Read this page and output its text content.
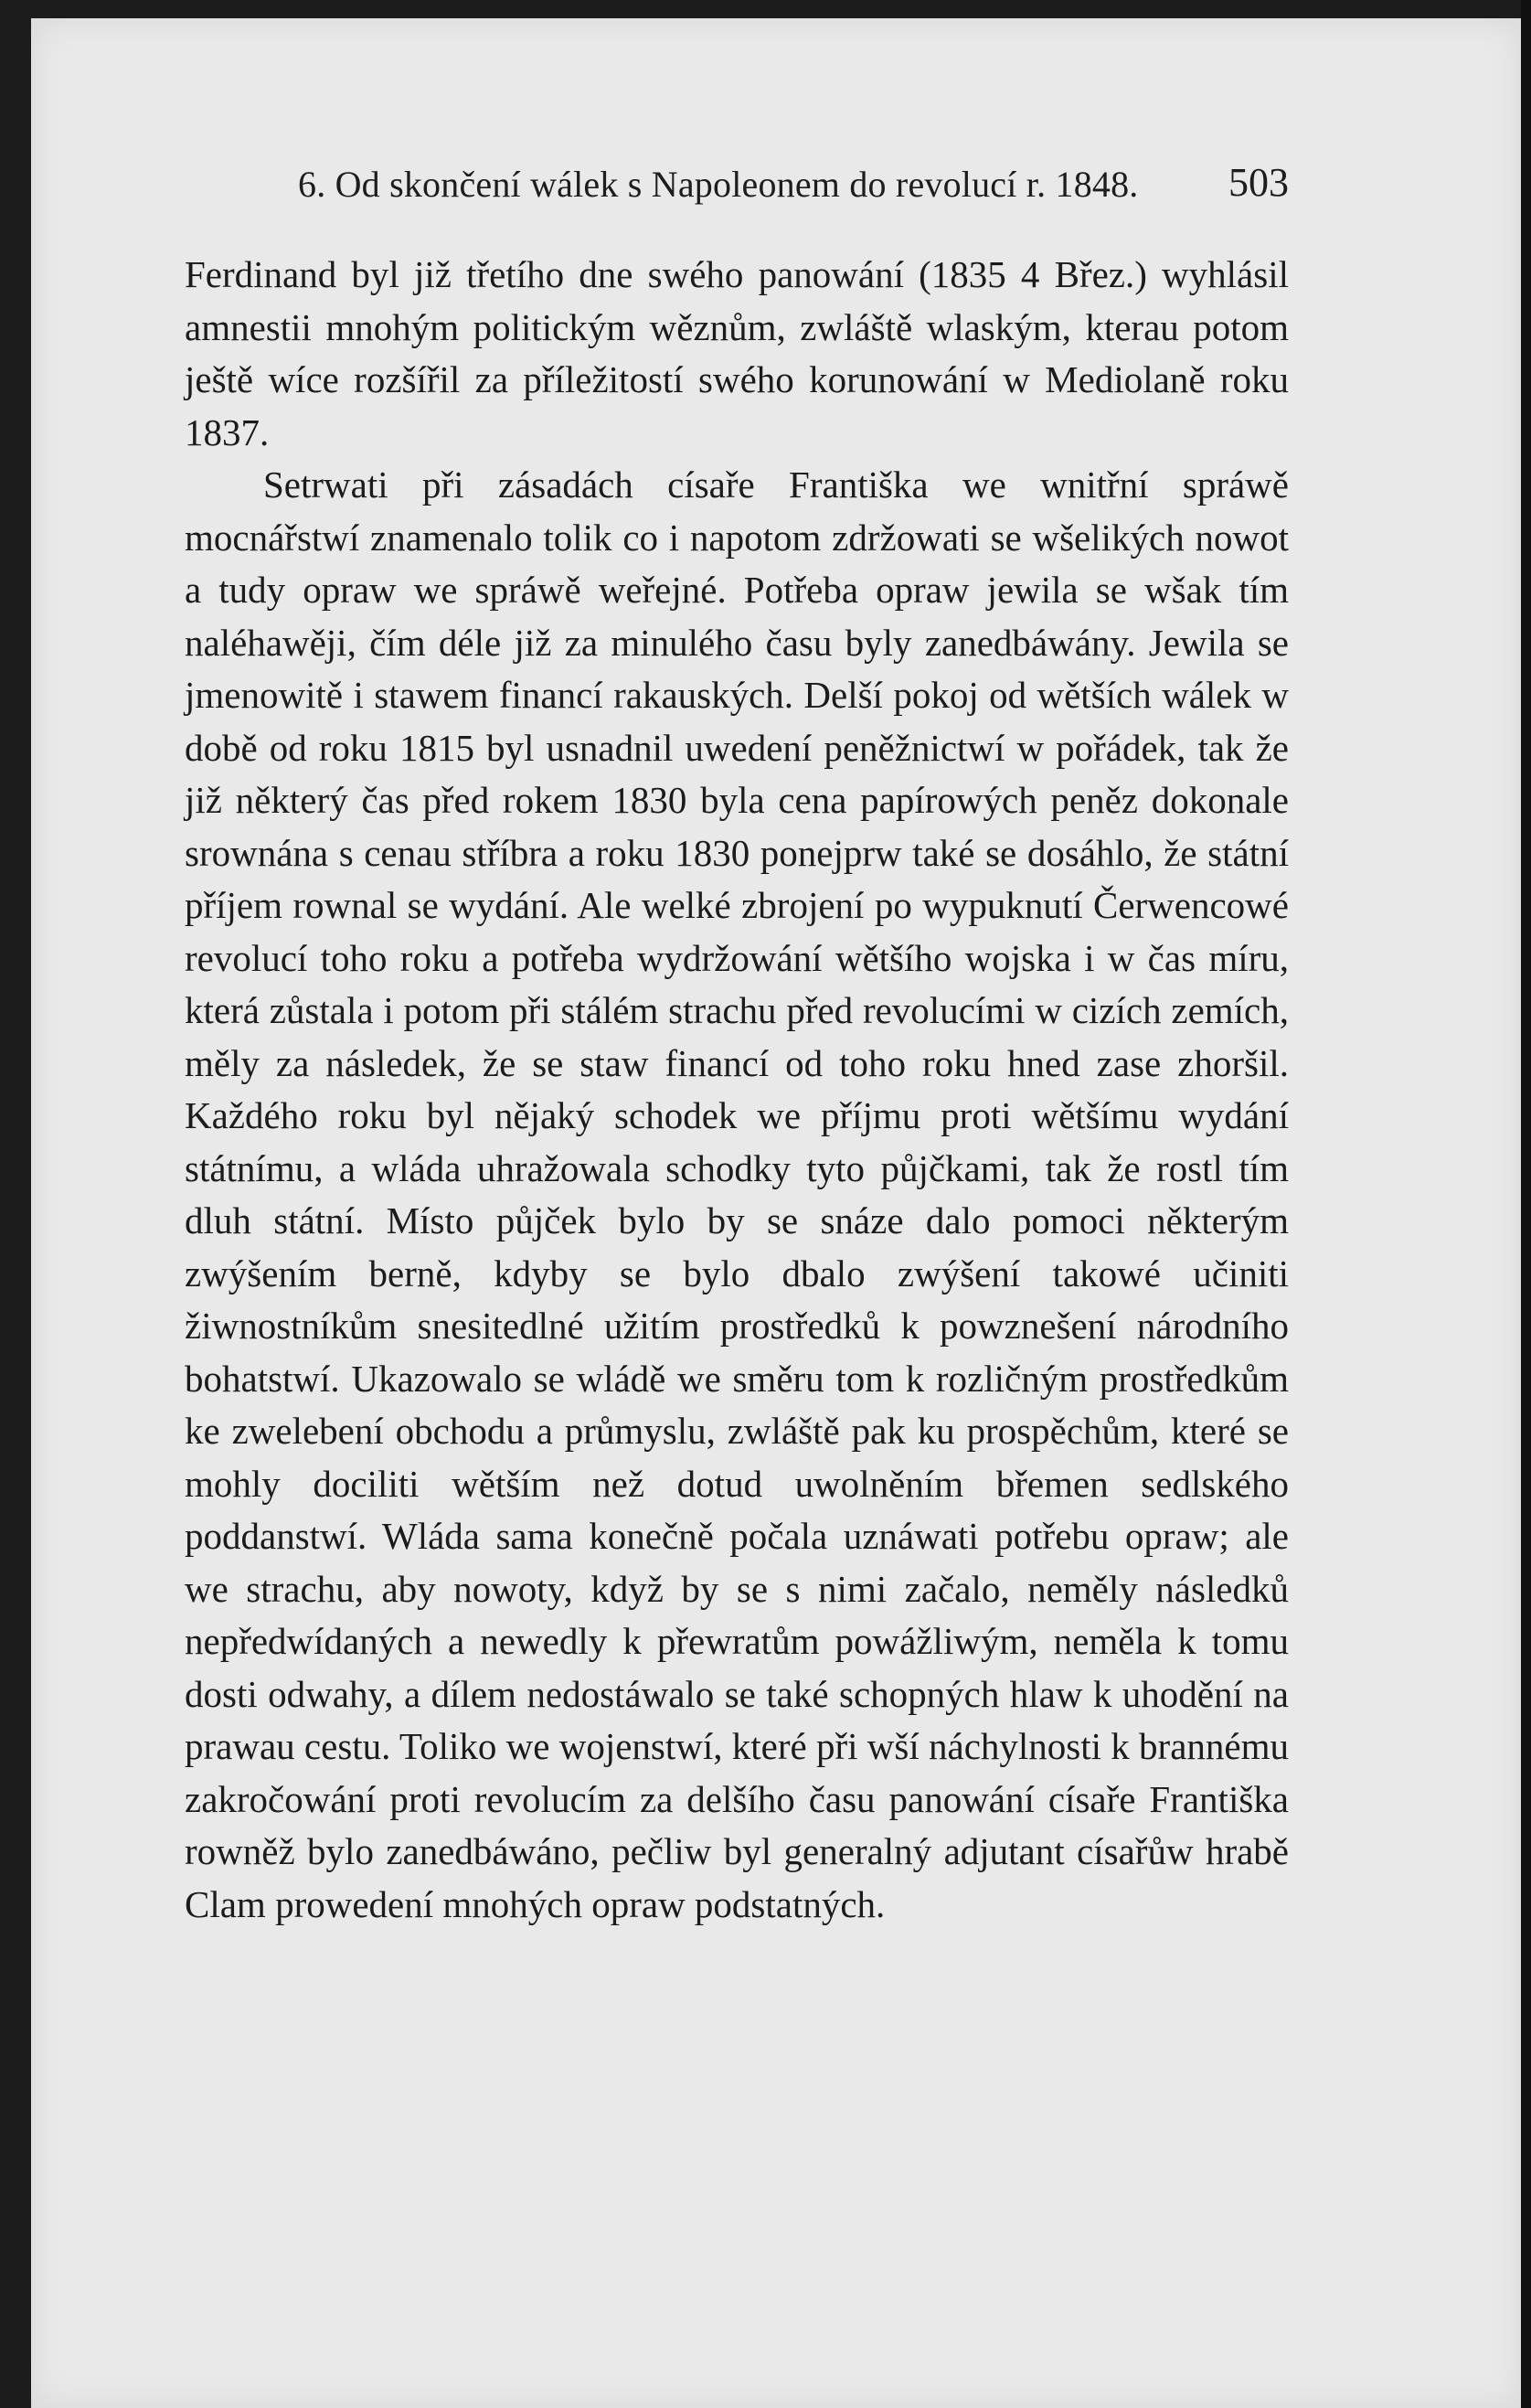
6. Od skončení wálek s Napoleonem do revolucí r. 1848. 503

Ferdinand byl již třetího dne swého panowání (1835 4 Břez.) wyhlásil amnestii mnohým politickým wěznům, zwláště wlaským, kterau potom ještě wíce rozšířil za příležitostí swého korunowání w Mediolaně roku 1837.

Setrwati při zásadách císaře Františka we wnitřní spráwě mocnářstwí znamenalo tolik co i napotom zdržowati se wšelikých nowot a tudy opraw we spráwě weřejné. Potřeba opraw jewila se wšak tím naléhawěji, čím déle již za minulého času byly zanedbáwány. Jewila se jmenowitě i stawem financí rakauských. Delší pokoj od wětších wálek w době od roku 1815 byl usnadnil uwedení peněžnictwí w pořádek, tak že již některý čas před rokem 1830 byla cena papírowých peněz dokonale srownána s cenau stříbra a roku 1830 ponejprw také se dosáhlo, že státní příjem rownal se wydání. Ale welké zbrojení po wypuknutí Čerwencowé revolucí toho roku a potřeba wydržowání wětšího wojska i w čas míru, která zůstala i potom při stálém strachu před revolucími w cizích zemích, měly za následek, že se staw financí od toho roku hned zase zhoršil. Každého roku byl nějaký schodek we příjmu proti wětšímu wydání státnímu, a wláda uhražowala schodky tyto půjčkami, tak že rostl tím dluh státní. Místo půjček bylo by se snáze dalo pomoci některým zwýšením berně, kdyby se bylo dbalo zwýšení takowé učiniti žiwnostníkům snesitedlné užitím prostředků k powznešení národního bohatstwí. Ukazowalo se wládě we směru tom k rozličným prostředkům ke zwelebení obchodu a průmyslu, zwláště pak ku prospěchům, které se mohly dociliti wětším než dotud uwolněním břemen sedlského poddanstwí. Wláda sama konečně počala uznáwati potřebu opraw; ale we strachu, aby nowoty, když by se s nimi začalo, neměly následků nepředwídaných a newedly k přewratům powážliwým, neměla k tomu dosti odwahy, a dílem nedostáwalo se také schopných hlaw k uhodění na prawau cestu. Toliko we wojenstwí, které při wší náchylnosti k brannému zakročowání proti revolucím za delšího času panowání císaře Františka rowněž bylo zanedbáwáno, pečliw byl generalný adjutant císařůw hrabě Clam prowedení mnohých opraw podstatných.
